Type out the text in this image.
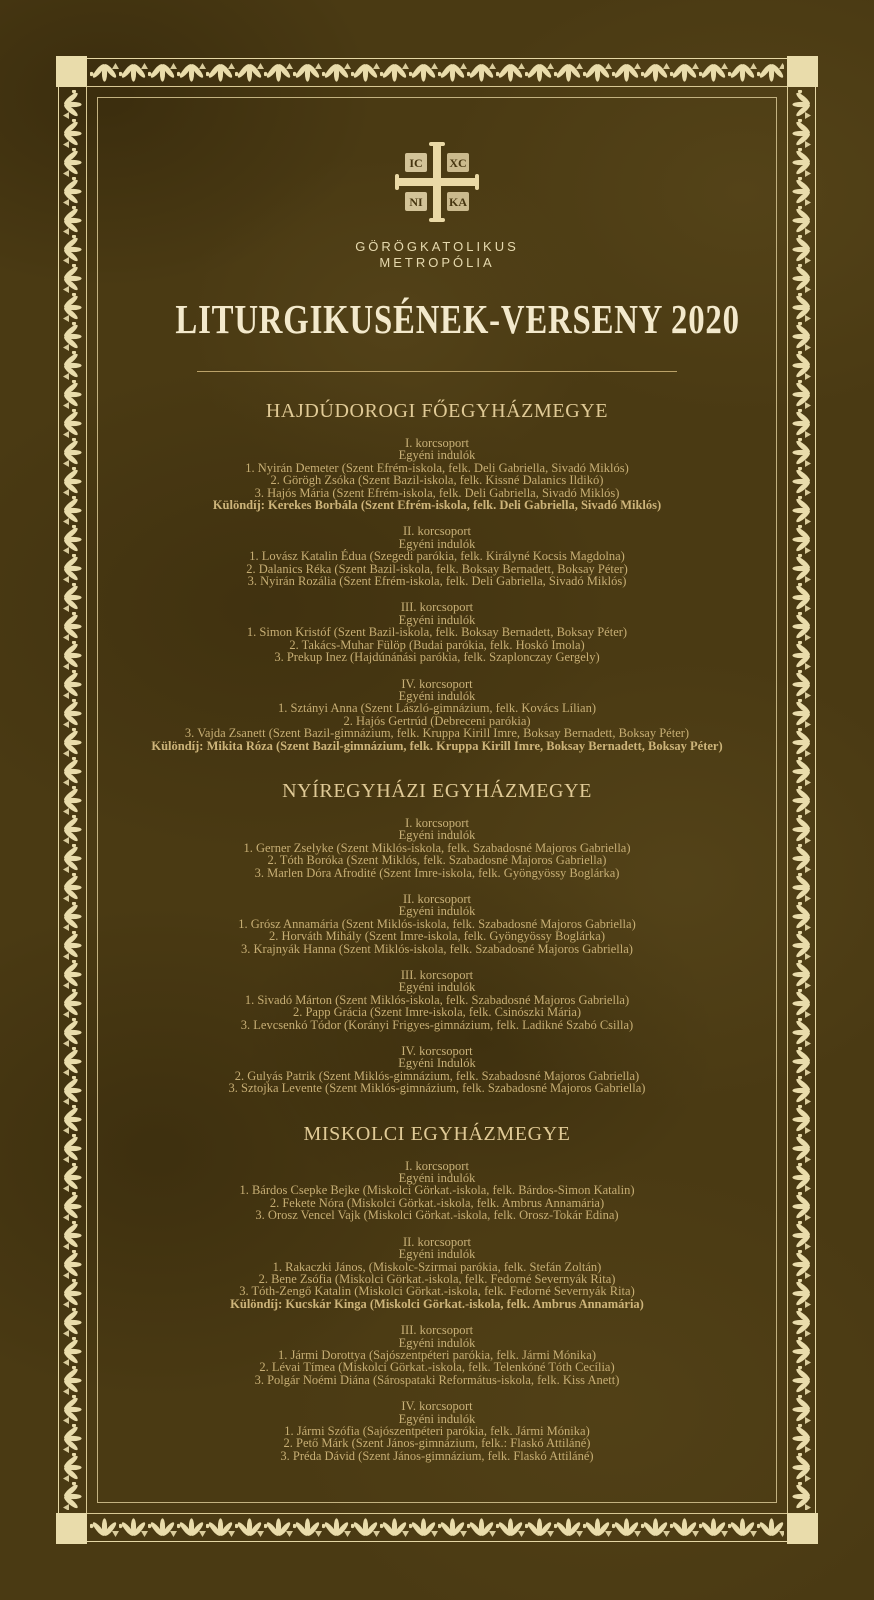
IC XC
NI KA
GÖRÖGKATOLIKUS
METROPÓLIA
LITURGIKUSÉNEK-VERSENY 2020
HAJDÚDOROGI FŐEGYHÁZMEGYE
I. korcsoport
Egyéni indulók
1. Nyirán Demeter (Szent Efrém-iskola, felk. Deli Gabriella, Sivadó Miklós)
2. Görögh Zsóka (Szent Bazil-iskola, felk. Kissné Dalanics Ildikó)
3. Hajós Mária (Szent Efrém-iskola, felk. Deli Gabriella, Sivadó Miklós)
Különdíj: Kerekes Borbála (Szent Efrém-iskola, felk. Deli Gabriella, Sivadó Miklós)
II. korcsoport
Egyéni indulók
1. Lovász Katalin Édua (Szegedi parókia, felk. Királyné Kocsis Magdolna)
2. Dalanics Réka (Szent Bazil-iskola, felk. Boksay Bernadett, Boksay Péter)
3. Nyirán Rozália (Szent Efrém-iskola, felk. Deli Gabriella, Sivadó Miklós)
III. korcsoport
Egyéni indulók
1. Simon Kristóf (Szent Bazil-iskola, felk. Boksay Bernadett, Boksay Péter)
2. Takács-Muhar Fülöp (Budai parókia, felk. Hoskó Imola)
3. Prekup Inez (Hajdúnánási parókia, felk. Szaplonczay Gergely)
IV. korcsoport
Egyéni indulók
1. Sztányi Anna (Szent László-gimnázium, felk. Kovács Lílian)
2. Hajós Gertrúd (Debreceni parókia)
3. Vajda Zsanett (Szent Bazil-gimnázium, felk. Kruppa Kirill Imre, Boksay Bernadett, Boksay Péter)
Különdíj: Mikita Róza (Szent Bazil-gimnázium, felk. Kruppa Kirill Imre, Boksay Bernadett, Boksay Péter)
NYÍREGYHÁZI EGYHÁZMEGYE
I. korcsoport
Egyéni indulók
1. Gerner Zselyke (Szent Miklós-iskola, felk. Szabadosné Majoros Gabriella)
2. Tóth Boróka (Szent Miklós, felk. Szabadosné Majoros Gabriella)
3. Marlen Dóra Afrodité (Szent Imre-iskola, felk. Gyöngyössy Boglárka)
II. korcsoport
Egyéni indulók
1. Grósz Annamária (Szent Miklós-iskola, felk. Szabadosné Majoros Gabriella)
2. Horváth Mihály (Szent Imre-iskola, felk. Gyöngyössy Boglárka)
3. Krajnyák Hanna (Szent Miklós-iskola, felk. Szabadosné Majoros Gabriella)
III. korcsoport
Egyéni indulók
1. Sivadó Márton (Szent Miklós-iskola, felk. Szabadosné Majoros Gabriella)
2. Papp Grácia (Szent Imre-iskola, felk. Csinószki Mária)
3. Levcsenkó Tódor (Korányi Frigyes-gimnázium, felk. Ladikné Szabó Csilla)
IV. korcsoport
Egyéni Indulók
2. Gulyás Patrik (Szent Miklós-gimnázium, felk. Szabadosné Majoros Gabriella)
3. Sztojka Levente (Szent Miklós-gimnázium, felk. Szabadosné Majoros Gabriella)
MISKOLCI EGYHÁZMEGYE
I. korcsoport
Egyéni indulók
1. Bárdos Csepke Bejke (Miskolci Görkat.-iskola, felk. Bárdos-Simon Katalin)
2. Fekete Nóra (Miskolci Görkat.-iskola, felk. Ambrus Annamária)
3. Orosz Vencel Vajk (Miskolci Görkat.-iskola, felk. Orosz-Tokár Edina)
II. korcsoport
Egyéni indulók
1. Rakaczki János, (Miskolc-Szirmai parókia, felk. Stefán Zoltán)
2. Bene Zsófia (Miskolci Görkat.-iskola, felk. Fedorné Severnyák Rita)
3. Tóth-Zengő Katalin (Miskolci Görkat.-iskola, felk. Fedorné Severnyák Rita)
Különdíj: Kucskár Kinga (Miskolci Görkat.-iskola, felk. Ambrus Annamária)
III. korcsoport
Egyéni indulók
1. Jármi Dorottya (Sajószentpéteri parókia, felk. Jármi Mónika)
2. Lévai Tímea (Miskolci Görkat.-iskola, felk. Telenkóné Tóth Cecília)
3. Polgár Noémi Diána (Sárospataki Református-iskola, felk. Kiss Anett)
IV. korcsoport
Egyéni indulók
1. Jármi Szófia (Sajószentpéteri parókia, felk. Jármi Mónika)
2. Pető Márk (Szent János-gimnázium, felk.: Flaskó Attiláné)
3. Préda Dávid (Szent János-gimnázium, felk. Flaskó Attiláné)
